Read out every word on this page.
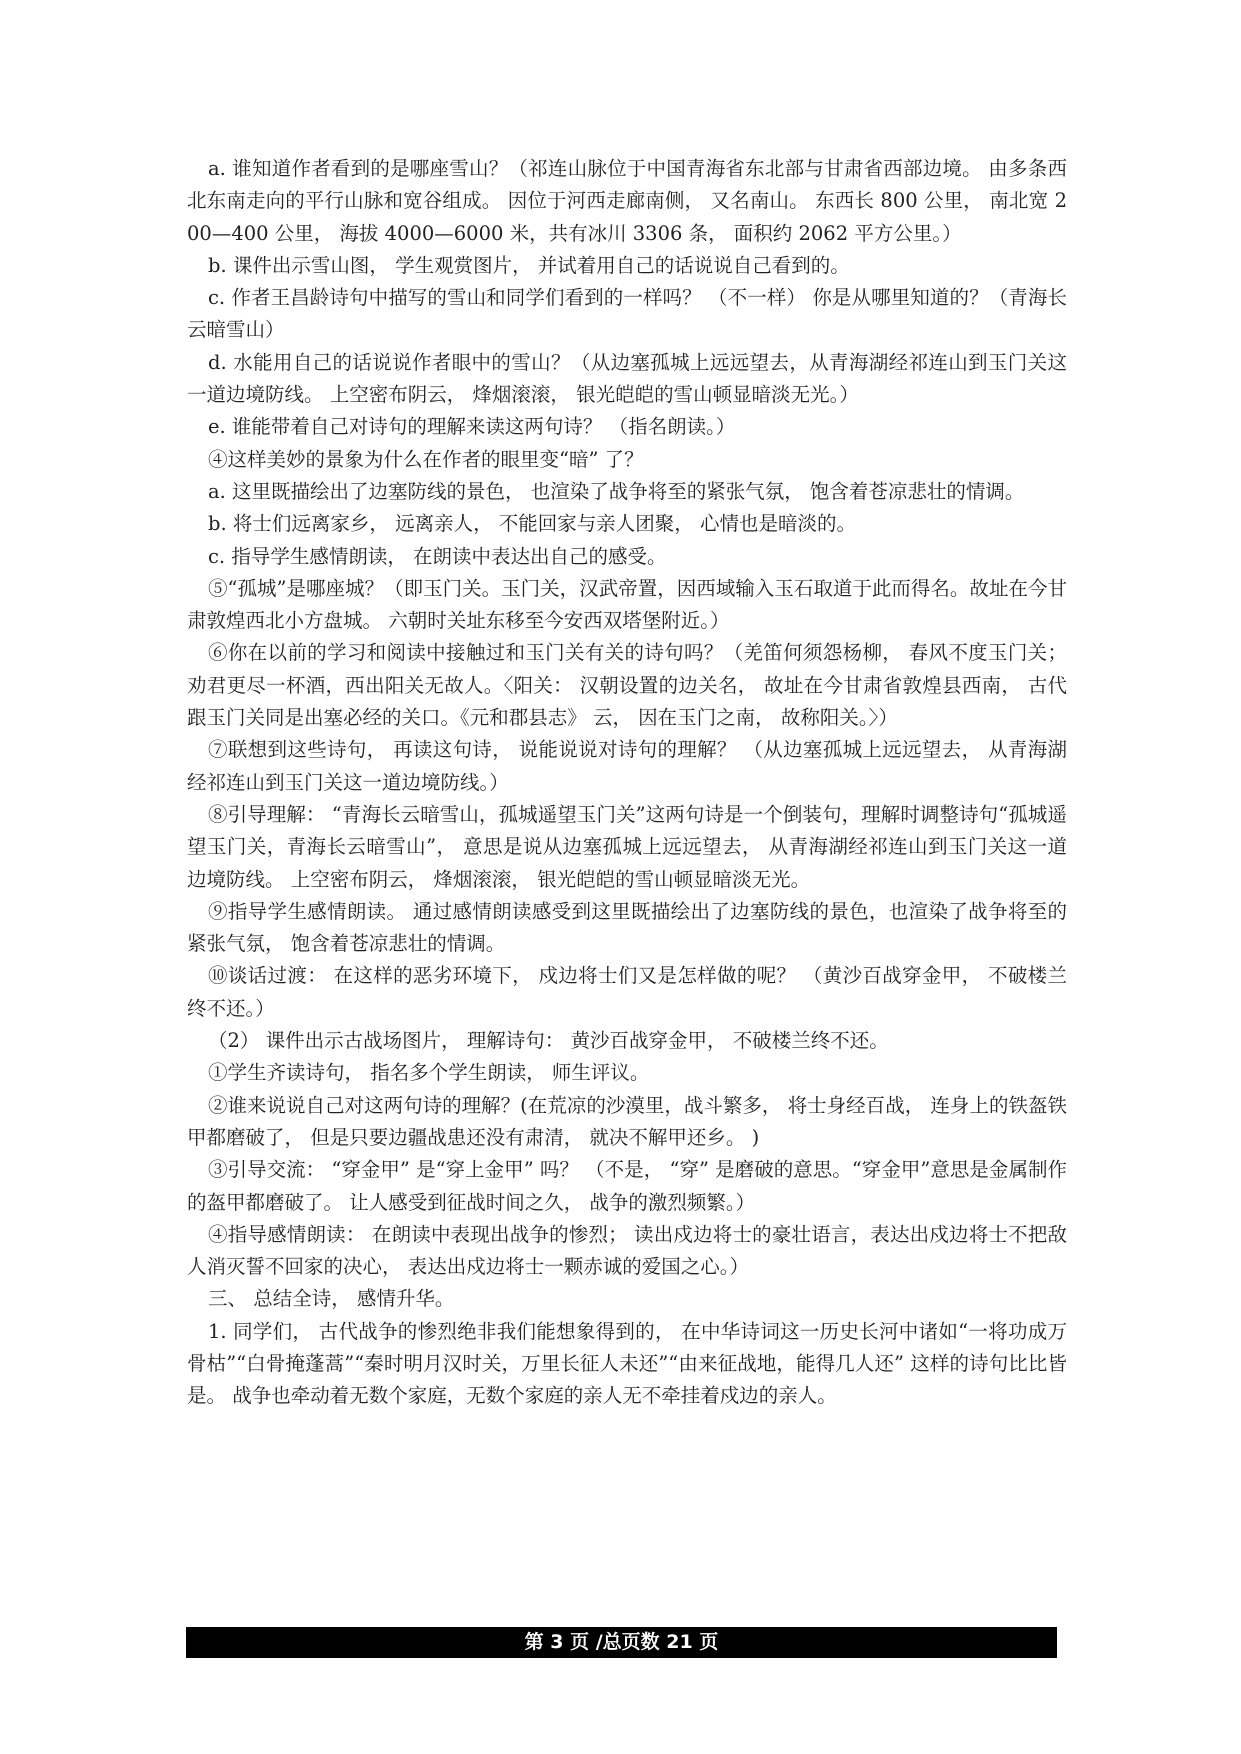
a. 谁知道作者看到的是哪座雪山？（祁连山脉位于中国青海省东北部与甘肃省西部边境。 由多条西北东南走向的平行山脉和宽谷组成。 因位于河西走廊南侧， 又名南山。 东西长 800 公里， 南北宽 200—400 公里， 海拔 4000—6000 米，共有冰川 3306 条， 面积约 2062 平方公里。）

b. 课件出示雪山图， 学生观赏图片， 并试着用自己的话说说自己看到的。

c. 作者王昌龄诗句中描写的雪山和同学们看到的一样吗？ （不一样） 你是从哪里知道的？（青海长云暗雪山）

d. 水能用自己的话说说作者眼中的雪山？（从边塞孤城上远远望去，从青海湖经祁连山到玉门关这一道边境防线。 上空密布阴云， 烽烟滚滚， 银光皑皑的雪山顿显暗淡无光。）

e. 谁能带着自己对诗句的理解来读这两句诗？ （指名朗读。）

④这样美妙的景象为什么在作者的眼里变“暗” 了？

a. 这里既描绘出了边塞防线的景色， 也渲染了战争将至的紧张气氛， 饱含着苍凉悲壮的情调。

b. 将士们远离家乡， 远离亲人， 不能回家与亲人团聚， 心情也是暗淡的。

c. 指导学生感情朗读， 在朗读中表达出自己的感受。

⑤“孤城”是哪座城？（即玉门关。玉门关，汉武帝置，因西域输入玉石取道于此而得名。故址在今甘肃敦煌西北小方盘城。 六朝时关址东移至今安西双塔堡附近。）

⑥你在以前的学习和阅读中接触过和玉门关有关的诗句吗？（羌笛何须怨杨柳， 春风不度玉门关； 劝君更尽一杯酒，西出阳关无故人。〈阳关： 汉朝设置的边关名， 故址在今甘肃省敦煌县西南， 古代跟玉门关同是出塞必经的关口。《元和郡县志》 云， 因在玉门之南， 故称阳关。〉）

⑦联想到这些诗句， 再读这句诗， 说能说说对诗句的理解？ （从边塞孤城上远远望去， 从青海湖经祁连山到玉门关这一道边境防线。）

⑧引导理解： “青海长云暗雪山，孤城遥望玉门关”这两句诗是一个倒装句，理解时调整诗句“孤城遥望玉门关，青海长云暗雪山”， 意思是说从边塞孤城上远远望去， 从青海湖经祁连山到玉门关这一道边境防线。 上空密布阴云， 烽烟滚滚， 银光皑皑的雪山顿显暗淡无光。

⑨指导学生感情朗读。 通过感情朗读感受到这里既描绘出了边塞防线的景色，也渲染了战争将至的紧张气氛， 饱含着苍凉悲壮的情调。

⑩谈话过渡： 在这样的恶劣环境下， 戍边将士们又是怎样做的呢？ （黄沙百战穿金甲， 不破楼兰终不还。）

（2） 课件出示古战场图片， 理解诗句： 黄沙百战穿金甲， 不破楼兰终不还。

①学生齐读诗句， 指名多个学生朗读， 师生评议。

②谁来说说自己对这两句诗的理解？(在荒凉的沙漠里，战斗繁多， 将士身经百战， 连身上的铁盔铁甲都磨破了， 但是只要边疆战患还没有肃清， 就决不解甲还乡。 )

③引导交流： “穿金甲” 是“穿上金甲” 吗？ （不是， “穿” 是磨破的意思。“穿金甲”意思是金属制作的盔甲都磨破了。 让人感受到征战时间之久， 战争的激烈频繁。）

④指导感情朗读： 在朗读中表现出战争的惨烈； 读出戍边将士的豪壮语言，表达出戍边将士不把敌人消灭誓不回家的决心， 表达出戍边将士一颗赤诚的爱国之心。）

三、 总结全诗， 感情升华。

1. 同学们， 古代战争的惨烈绝非我们能想象得到的， 在中华诗词这一历史长河中诸如“一将功成万骨枯”“白骨掩蓬蒿”“秦时明月汉时关，万里长征人未还”“由来征战地，能得几人还” 这样的诗句比比皆是。 战争也牵动着无数个家庭，无数个家庭的亲人无不牵挂着戍边的亲人。

第 3 页 /总页数 21 页
